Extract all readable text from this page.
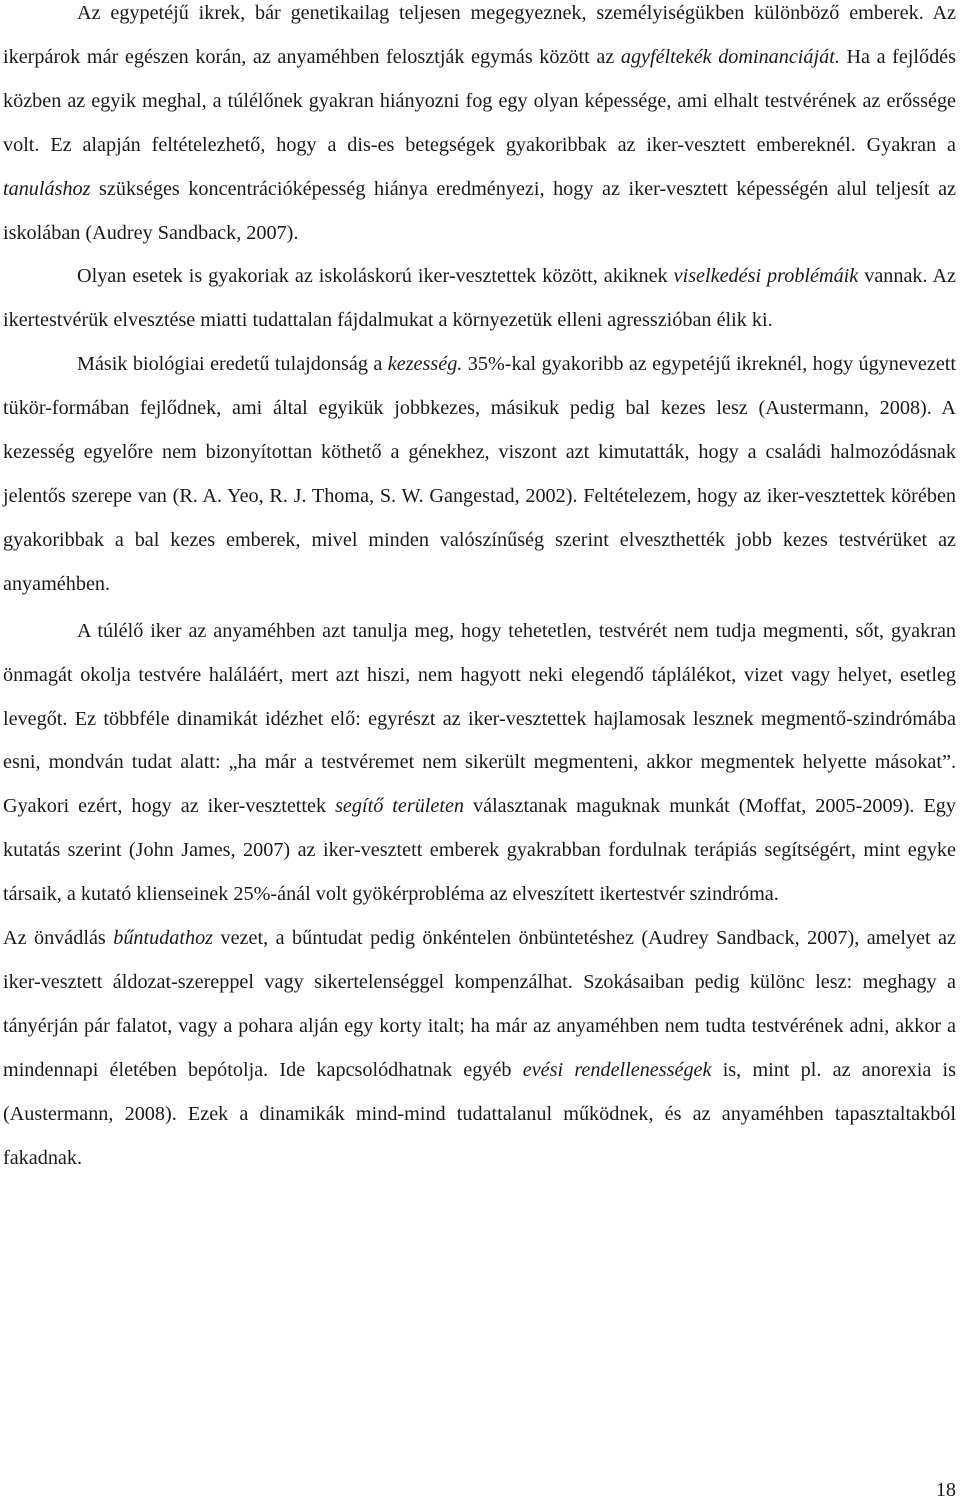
Az egypetéjű ikrek, bár genetikailag teljesen megegyeznek, személyiségükben különböző emberek. Az ikerpárok már egészen korán, az anyaméhben felosztják egymás között az agyféltekék dominanciáját. Ha a fejlődés közben az egyik meghal, a túlélőnek gyakran hiányozni fog egy olyan képessége, ami elhalt testvérének az erőssége volt. Ez alapján feltételezhető, hogy a dis-es betegségek gyakoribbak az iker-vesztett embereknél. Gyakran a tanuláshoz szükséges koncentrációképesség hiánya eredményezi, hogy az iker-vesztett képességén alul teljesít az iskolában (Audrey Sandback, 2007).

Olyan esetek is gyakoriak az iskoláskorú iker-vesztettek között, akiknek viselkedési problémáik vannak. Az ikertestvérük elvesztése miatti tudattalan fájdalmukat a környezetük elleni agresszióban élik ki.

Másik biológiai eredetű tulajdonság a kezesség. 35%-kal gyakoribb az egypetéjű ikreknél, hogy úgynevezett tükör-formában fejlődnek, ami által egyikük jobbkezes, másikuk pedig bal kezes lesz (Austermann, 2008). A kezesség egyelőre nem bizonyítottan köthető a génekhez, viszont azt kimutatták, hogy a családi halmozódásnak jelentős szerepe van (R. A. Yeo, R. J. Thoma, S. W. Gangestad, 2002). Feltételezem, hogy az iker-vesztettek körében gyakoribbak a bal kezes emberek, mivel minden valószínűség szerint elveszthették jobb kezes testvérüket az anyaméhben.

A túlélő iker az anyaméhben azt tanulja meg, hogy tehetetlen, testvérét nem tudja megmenti, sőt, gyakran önmagát okolja testvére haláláért, mert azt hiszi, nem hagyott neki elegendő táplálékot, vizet vagy helyet, esetleg levegőt. Ez többféle dinamikát idézhet elő: egyrészt az iker-vesztettek hajlamosak lesznek megmentő-szindrómába esni, mondván tudat alatt: „ha már a testvéremet nem sikerült megmenteni, akkor megmentek helyette másokat”. Gyakori ezért, hogy az iker-vesztettek segítő területen választanak maguknak munkát (Moffat, 2005-2009). Egy kutatás szerint (John James, 2007) az iker-vesztett emberek gyakrabban fordulnak terápiás segítségért, mint egyke társaik, a kutató klienseinek 25%-ánál volt gyökérprobléma az elveszített ikertestvér szindróma.

Az önvádlás bűntudathoz vezet, a bűntudat pedig önkéntelen önbüntetéshez (Audrey Sandback, 2007), amelyet az iker-vesztett áldozat-szereppel vagy sikertelenséggel kompenzálhat. Szokásaiban pedig különc lesz: meghagy a tányérján pár falatot, vagy a pohara alján egy korty italt; ha már az anyaméhben nem tudta testvérének adni, akkor a mindennapi életében bepótolja. Ide kapcsolódhatnak egyéb evési rendellenességek is, mint pl. az anorexia is (Austermann, 2008). Ezek a dinamikák mind-mind tudattalanul működnek, és az anyaméhben tapasztaltakból fakadnak.

18
